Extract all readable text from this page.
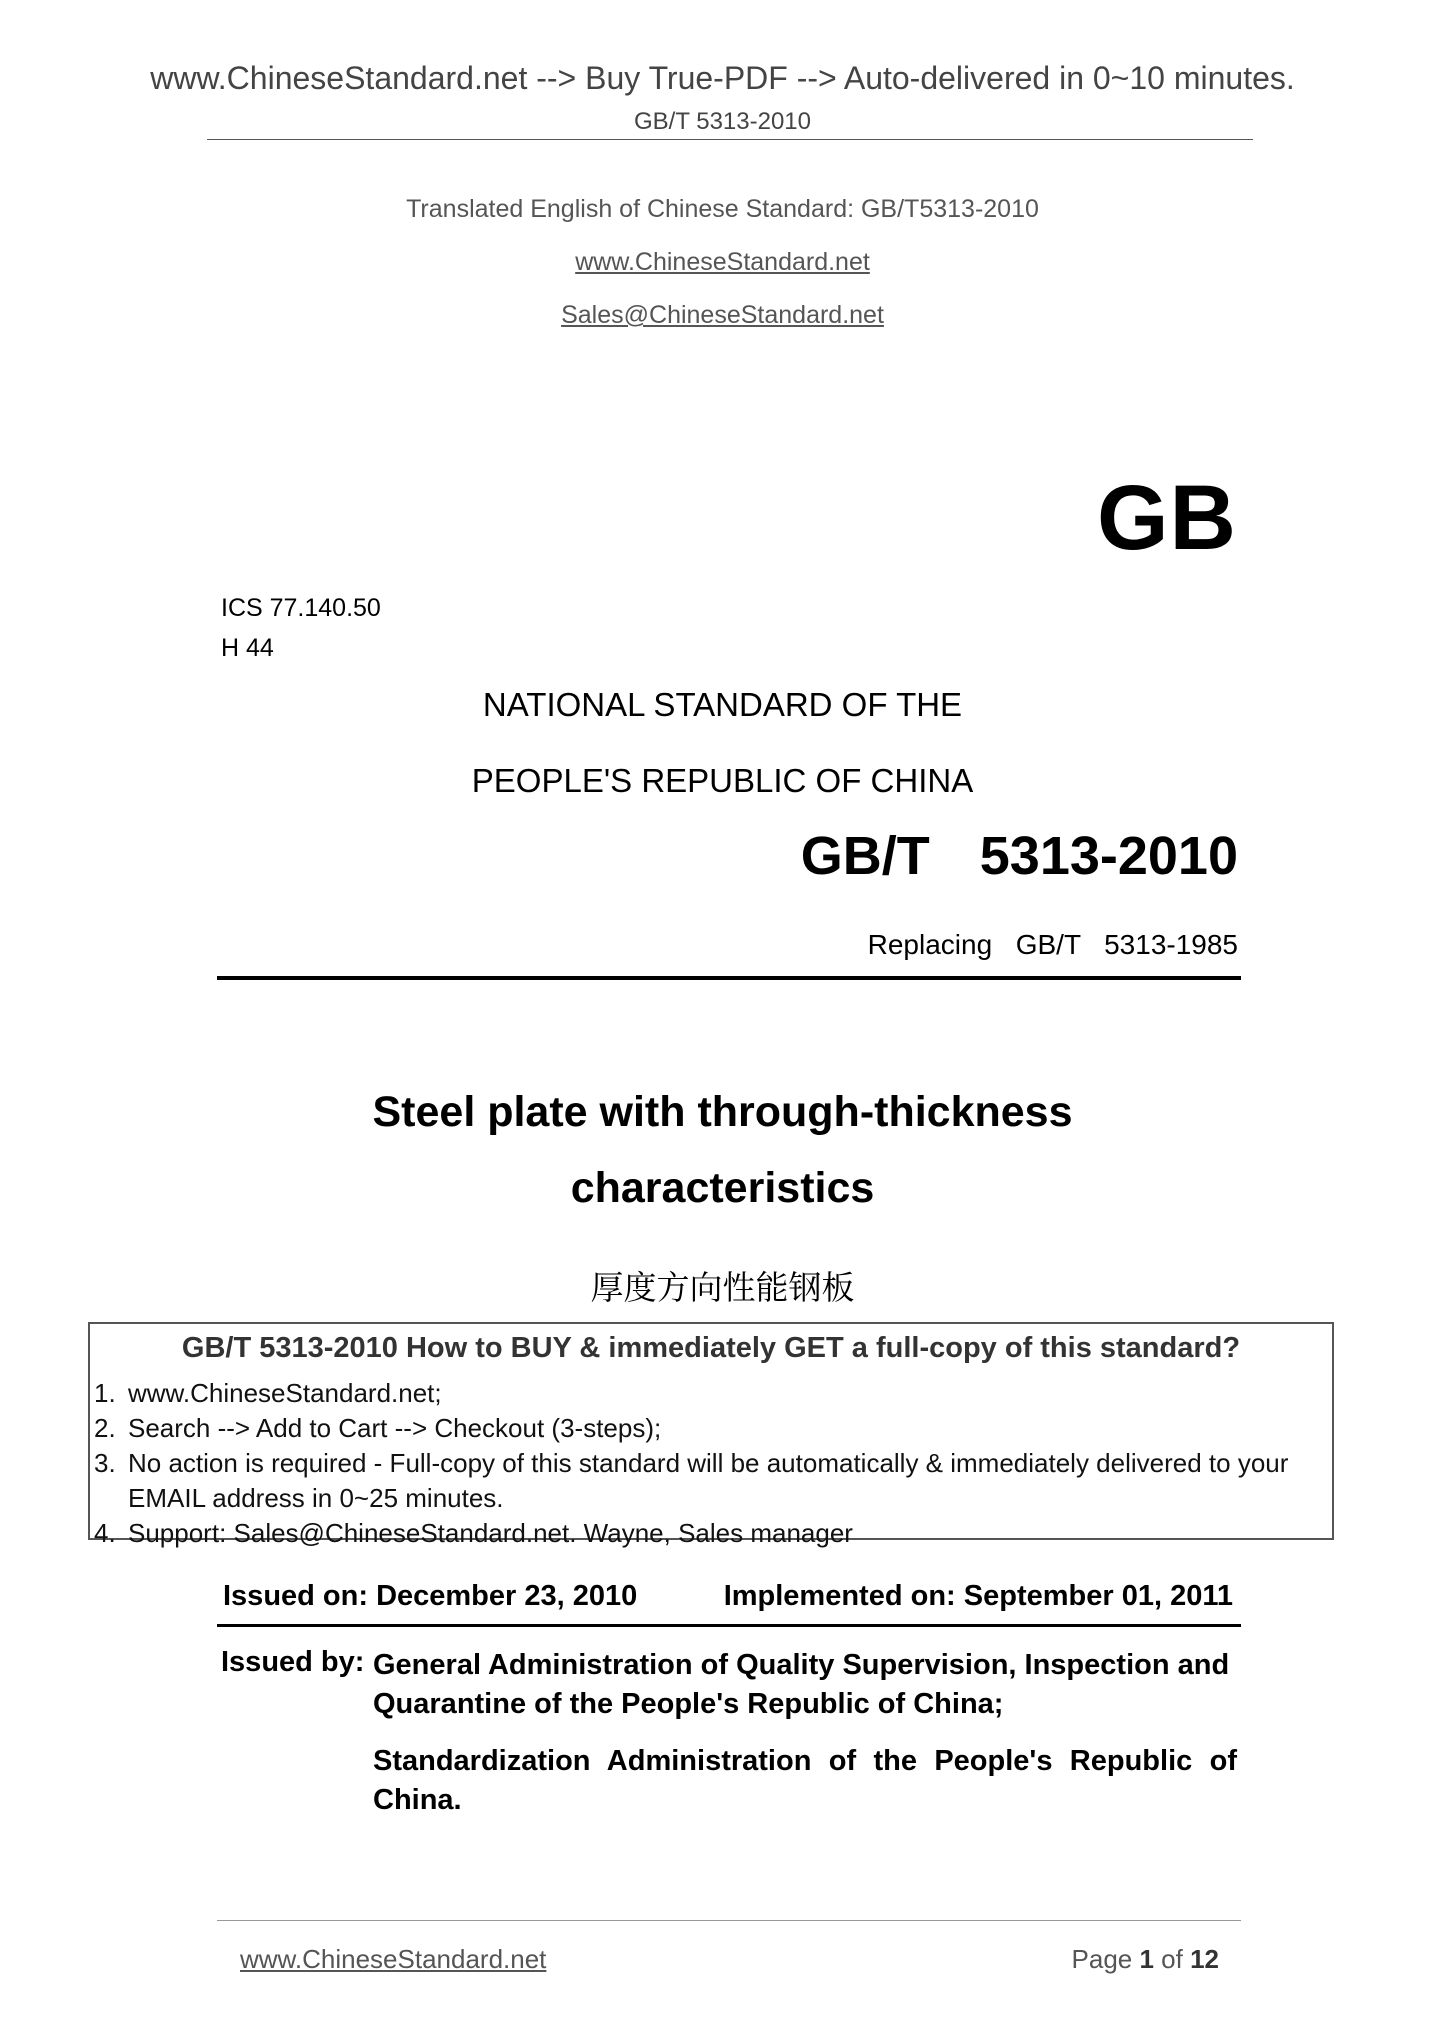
www.ChineseStandard.net --> Buy True-PDF --> Auto-delivered in 0~10 minutes.
GB/T 5313-2010
Translated English of Chinese Standard: GB/T5313-2010
www.ChineseStandard.net
Sales@ChineseStandard.net
GB
ICS 77.140.50
H 44
NATIONAL STANDARD OF THE
PEOPLE'S REPUBLIC OF CHINA
GB/T  5313-2010
Replacing  GB/T  5313-1985
Steel plate with through-thickness
characteristics
厚度方向性能钢板
GB/T 5313-2010 How to BUY & immediately GET a full-copy of this standard?
1. www.ChineseStandard.net;
2. Search --> Add to Cart --> Checkout (3-steps);
3. No action is required - Full-copy of this standard will be automatically & immediately delivered to your EMAIL address in 0~25 minutes.
4. Support: Sales@ChineseStandard.net. Wayne, Sales manager
Issued on: December 23, 2010	Implemented on: September 01, 2011
Issued by: General Administration of Quality Supervision, Inspection and Quarantine of the People's Republic of China;
Standardization Administration of the People's Republic of China.
www.ChineseStandard.net	Page 1 of 12
